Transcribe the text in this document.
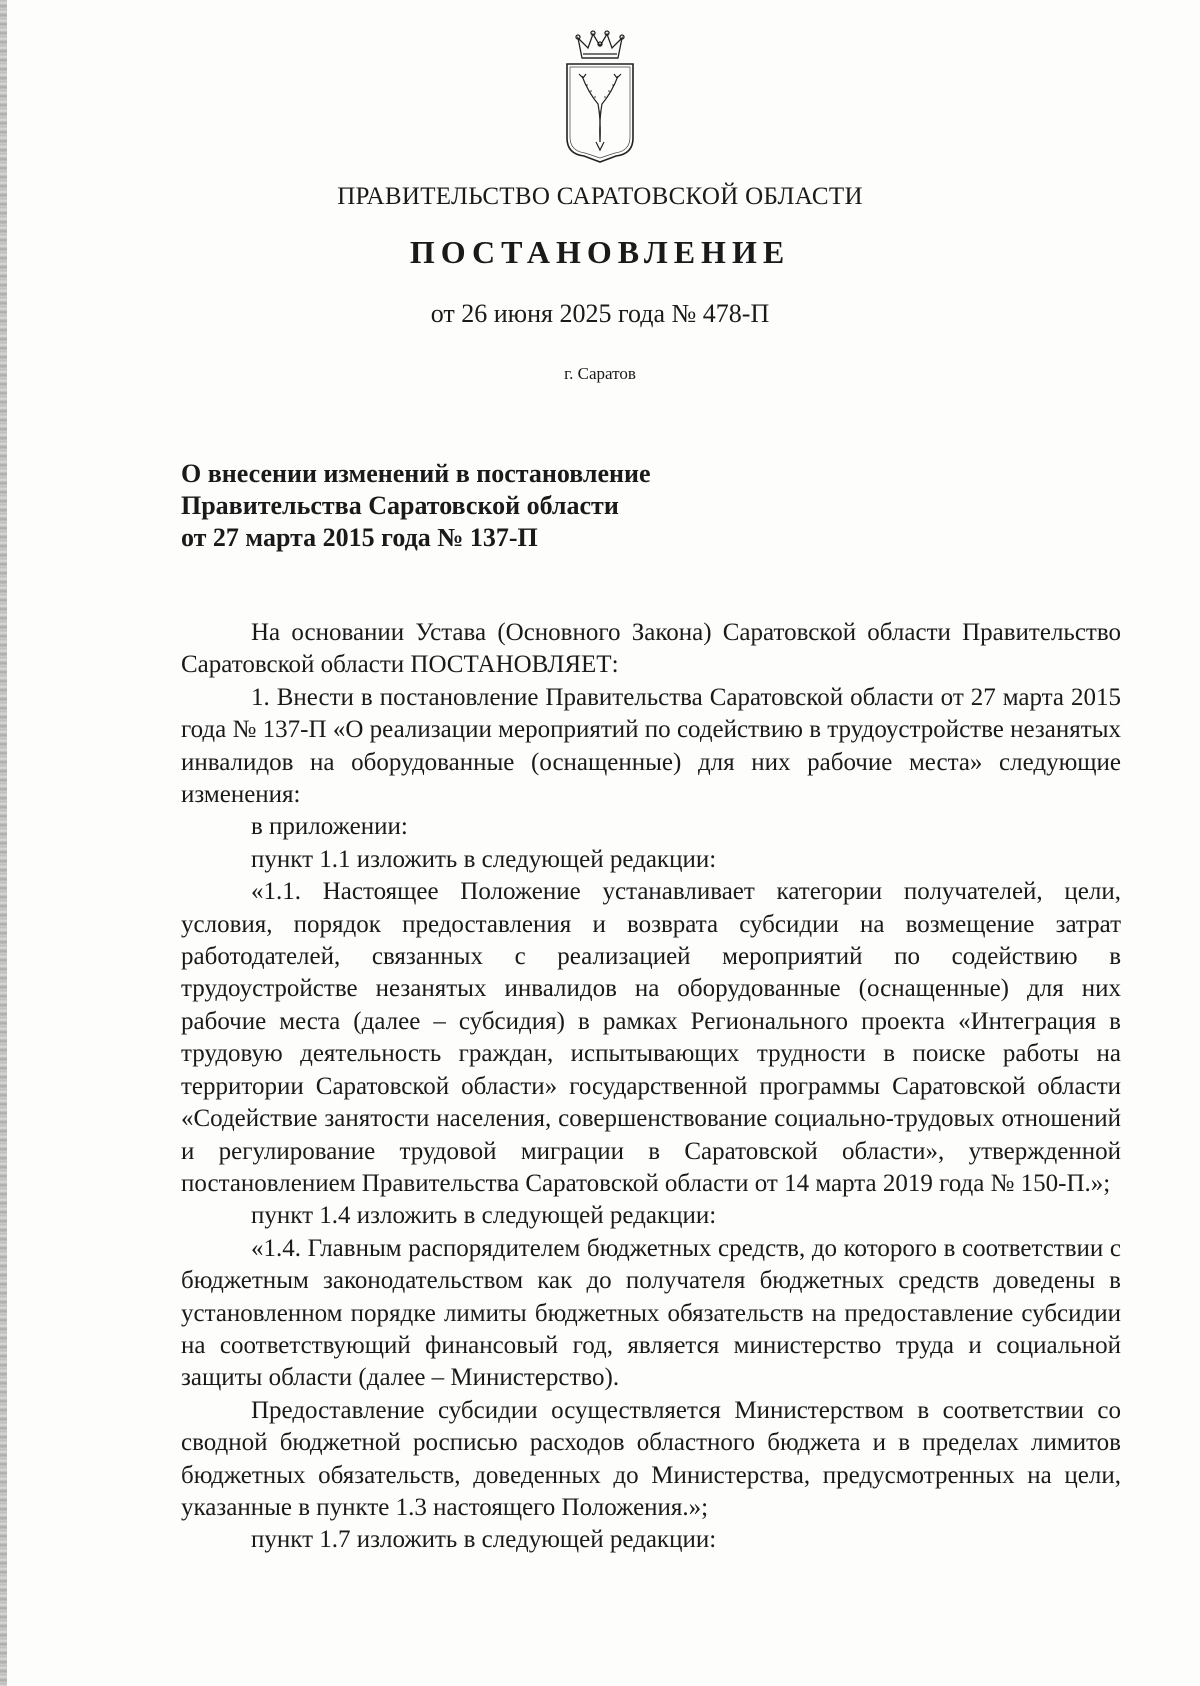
ПРАВИТЕЛЬСТВО САРАТОВСКОЙ ОБЛАСТИ
ПОСТАНОВЛЕНИЕ
от 26 июня 2025 года № 478-П
г. Саратов
О внесении изменений в постановление
Правительства Саратовской области
от 27 марта 2015 года № 137-П

На основании Устава (Основного Закона) Саратовской области Правительство Саратовской области ПОСТАНОВЛЯЕТ:

1. Внести в постановление Правительства Саратовской области от 27 марта 2015 года № 137-П «О реализации мероприятий по содействию в трудоустройстве незанятых инвалидов на оборудованные (оснащенные) для них рабочие места» следующие изменения:

в приложении:

пункт 1.1 изложить в следующей редакции:

«1.1. Настоящее Положение устанавливает категории получателей, цели, условия, порядок предоставления и возврата субсидии на возмещение затрат работодателей, связанных с реализацией мероприятий по содействию в трудоустройстве незанятых инвалидов на оборудованные (оснащенные) для них рабочие места (далее – субсидия) в рамках Регионального проекта «Интеграция в трудовую деятельность граждан, испытывающих трудности в поиске работы на территории Саратовской области» государственной программы Саратовской области «Содействие занятости населения, совершенствование социально-трудовых отношений и регулирование трудовой миграции в Саратовской области», утвержденной постановлением Правительства Саратовской области от 14 марта 2019 года № 150-П.»;

пункт 1.4 изложить в следующей редакции:

«1.4. Главным распорядителем бюджетных средств, до которого в соответствии с бюджетным законодательством как до получателя бюджетных средств доведены в установленном порядке лимиты бюджетных обязательств на предоставление субсидии на соответствующий финансовый год, является министерство труда и социальной защиты области (далее – Министерство).

Предоставление субсидии осуществляется Министерством в соответствии со сводной бюджетной росписью расходов областного бюджета и в пределах лимитов бюджетных обязательств, доведенных до Министерства, предусмотренных на цели, указанные в пункте 1.3 настоящего Положения.»;

пункт 1.7 изложить в следующей редакции:
